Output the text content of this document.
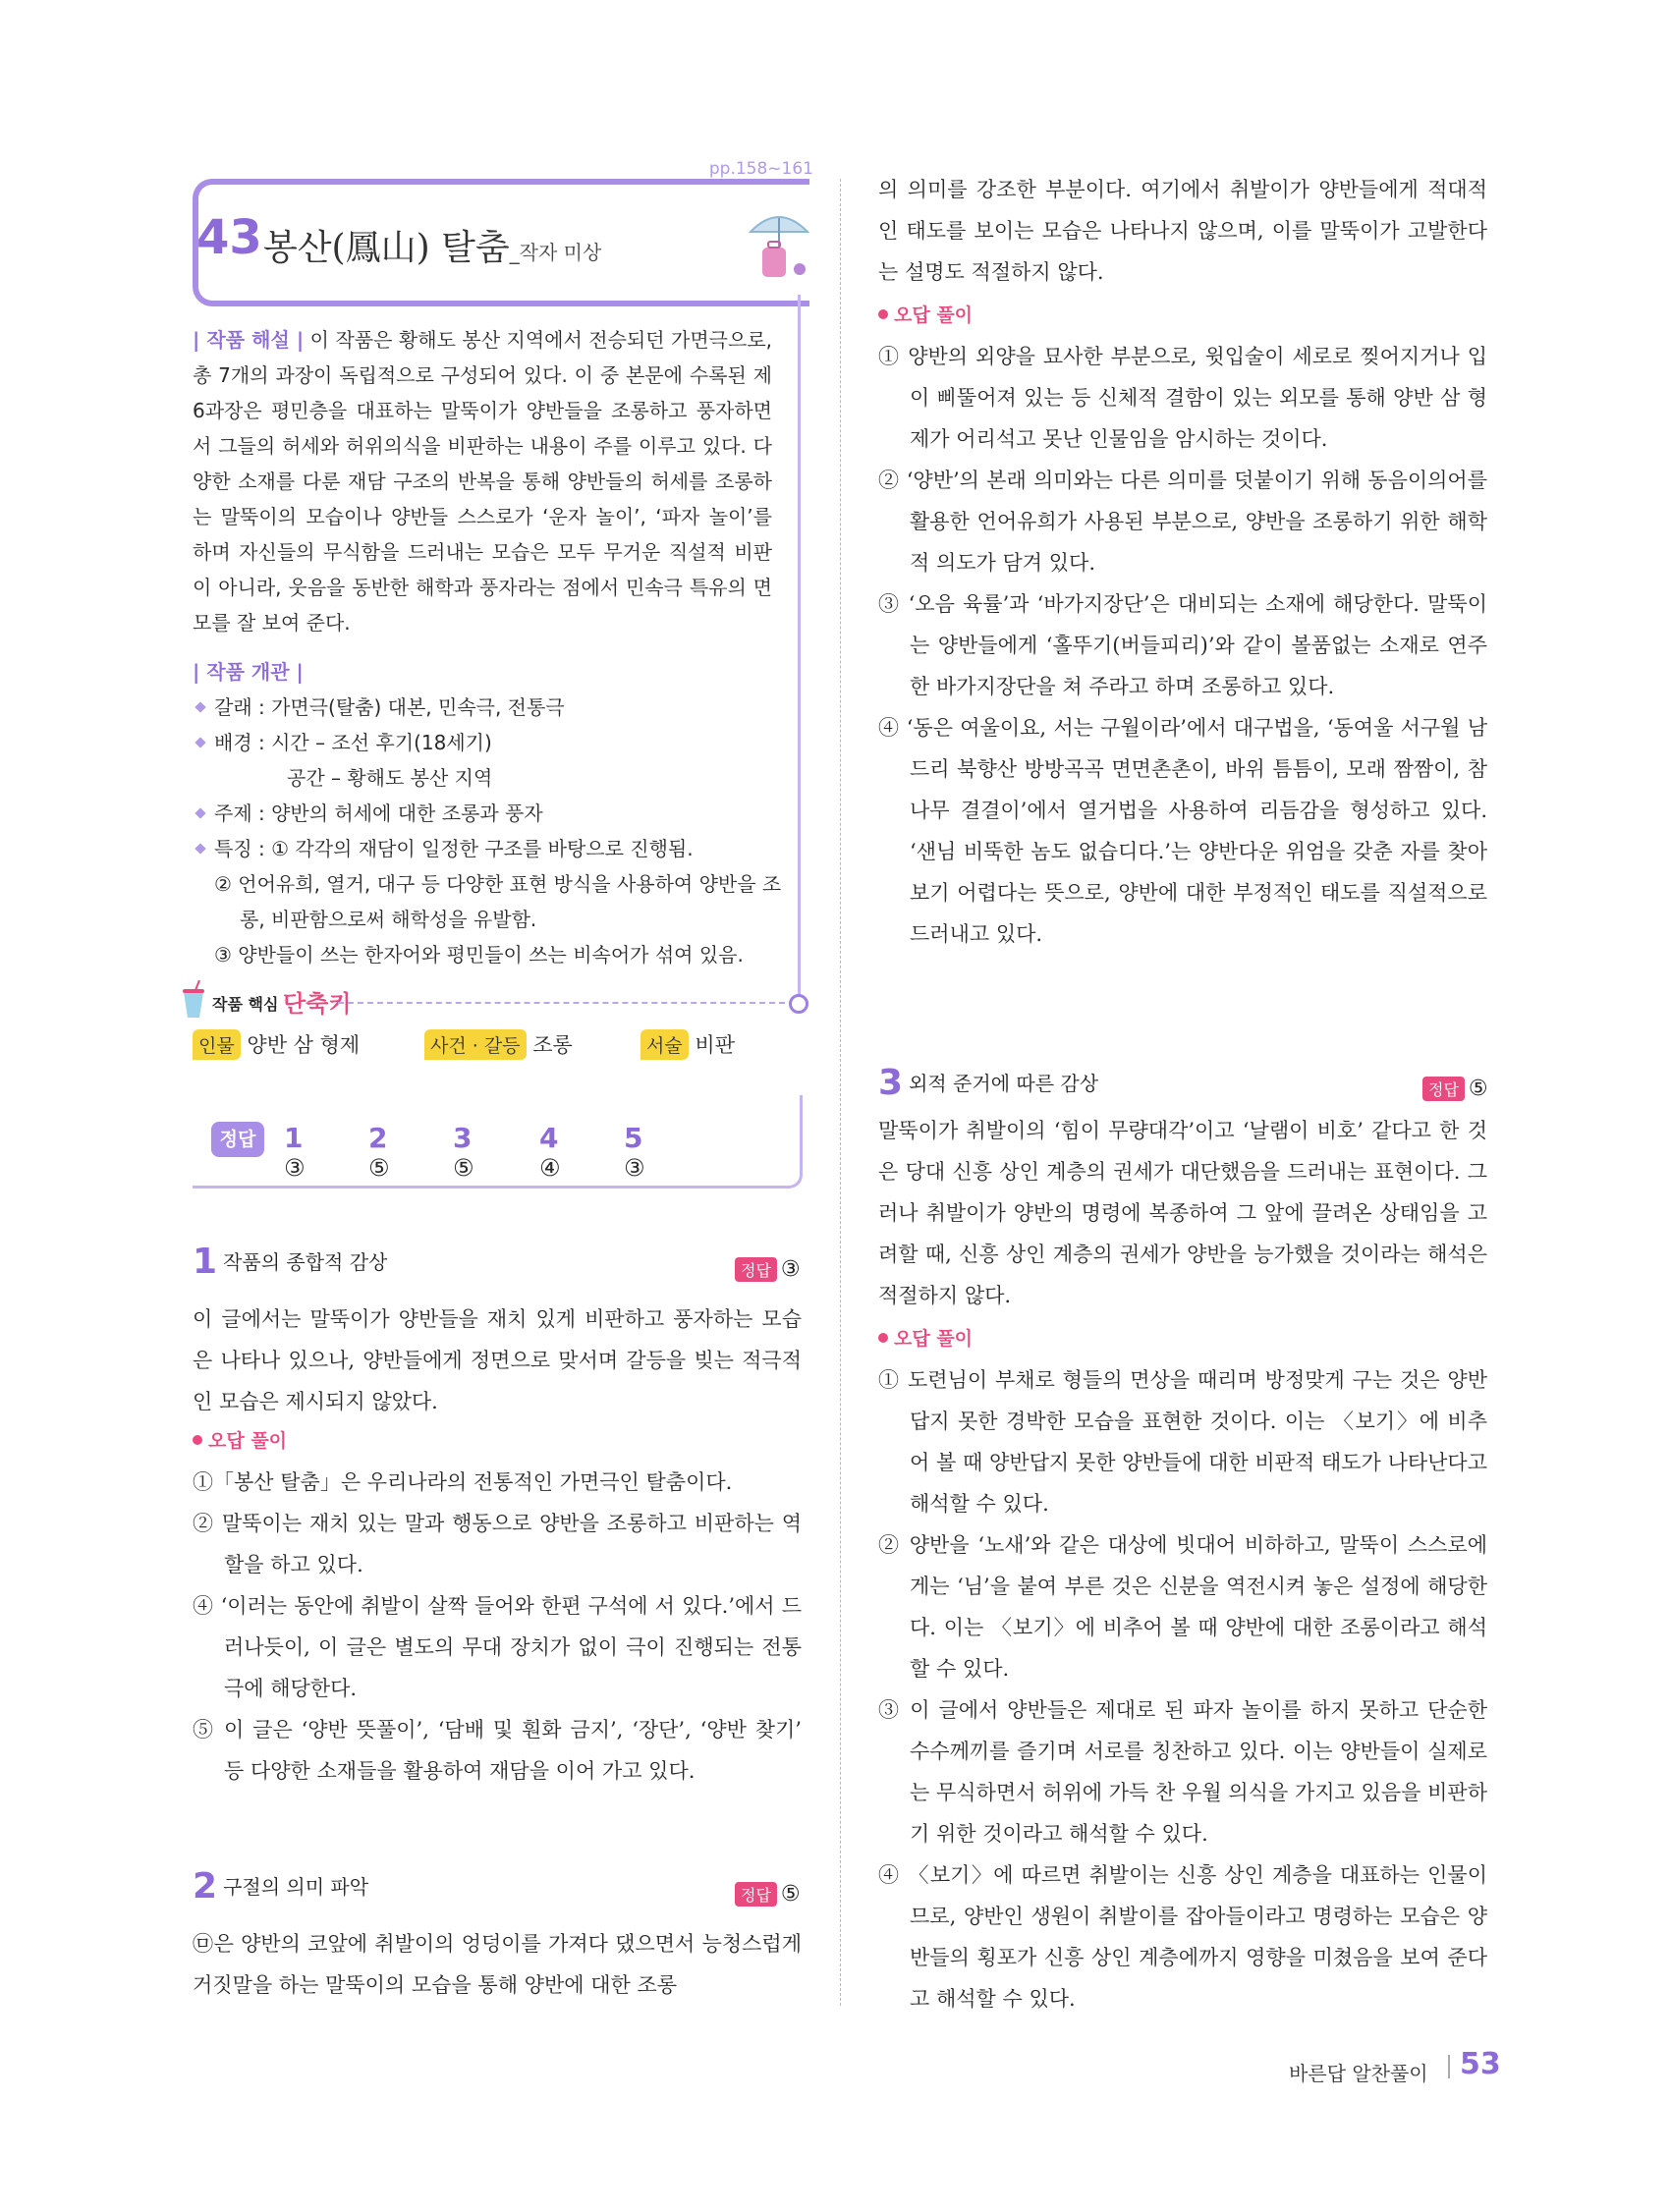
pp.158~161
43 봉산(鳳山) 탈춤_작자 미상

| 작품 해설 | 이 작품은 황해도 봉산 지역에서 전승되던 가면극으로, 총 7개의 과장이 독립적으로 구성되어 있다. 이 중 본문에 수록된 제6과장은 평민층을 대표하는 말뚝이가 양반들을 조롱하고 풍자하면서 그들의 허세와 허위의식을 비판하는 내용이 주를 이루고 있다. 다양한 소재를 다룬 재담 구조의 반복을 통해 양반들의 허세를 조롱하는 말뚝이의 모습이나 양반들 스스로가 ‘운자 놀이’, ‘파자 놀이’를 하며 자신들의 무식함을 드러내는 모습은 모두 무거운 직설적 비판이 아니라, 웃음을 동반한 해학과 풍자라는 점에서 민속극 특유의 면모를 잘 보여 준다.

| 작품 개관 |
갈래 : 가면극(탈춤) 대본, 민속극, 전통극
배경 : 시간 – 조선 후기(18세기)
공간 – 황해도 봉산 지역
주제 : 양반의 허세에 대한 조롱과 풍자
특징 : ① 각각의 재담이 일정한 구조를 바탕으로 진행됨.
② 언어유희, 열거, 대구 등 다양한 표현 방식을 사용하여 양반을 조
롱, 비판함으로써 해학성을 유발함.
③ 양반들이 쓰는 한자어와 평민들이 쓰는 비속어가 섞여 있음.
작품 핵심 단축키
인물 양반 삼 형제	사건 · 갈등 조롱	서술 비판
정답	1 ③
2 ⑤
3 ⑤
4 ④
5 ③
1 작품의 종합적 감상	정답 ③

이 글에서는 말뚝이가 양반들을 재치 있게 비판하고 풍자하는 모습은 나타나 있으나, 양반들에게 정면으로 맞서며 갈등을 빚는 적극적인 모습은 제시되지 않았다.

오답 풀이
①「봉산 탈춤」은 우리나라의 전통적인 가면극인 탈춤이다.
② 말뚝이는 재치 있는 말과 행동으로 양반을 조롱하고 비판하는 역할을 하고 있다.
④ ‘이러는 동안에 취발이 살짝 들어와 한편 구석에 서 있다.’에서 드러나듯이, 이 글은 별도의 무대 장치가 없이 극이 진행되는 전통극에 해당한다.
⑤ 이 글은 ‘양반 뜻풀이’, ‘담배 및 훤화 금지’, ‘장단’, ‘양반 찾기’ 등 다양한 소재들을 활용하여 재담을 이어 가고 있다.
2 구절의 의미 파악	정답 ⑤

㉤은 양반의 코앞에 취발이의 엉덩이를 가져다 댔으면서 능청스럽게 거짓말을 하는 말뚝이의 모습을 통해 양반에 대한 조롱

의 의미를 강조한 부분이다. 여기에서 취발이가 양반들에게 적대적인 태도를 보이는 모습은 나타나지 않으며, 이를 말뚝이가 고발한다는 설명도 적절하지 않다.

오답 풀이
① 양반의 외양을 묘사한 부분으로, 윗입술이 세로로 찢어지거나 입이 삐뚤어져 있는 등 신체적 결함이 있는 외모를 통해 양반 삼 형제가 어리석고 못난 인물임을 암시하는 것이다.
② ‘양반’의 본래 의미와는 다른 의미를 덧붙이기 위해 동음이의어를 활용한 언어유희가 사용된 부분으로, 양반을 조롱하기 위한 해학적 의도가 담겨 있다.
③ ‘오음 육률’과 ‘바가지장단’은 대비되는 소재에 해당한다. 말뚝이는 양반들에게 ‘홀뚜기(버들피리)’와 같이 볼품없는 소재로 연주한 바가지장단을 쳐 주라고 하며 조롱하고 있다.
④ ‘동은 여울이요, 서는 구월이라’에서 대구법을, ‘동여울 서구월 남드리 북향산 방방곡곡 면면촌촌이, 바위 틈틈이, 모래 짬짬이, 참나무 결결이’에서 열거법을 사용하여 리듬감을 형성하고 있다. ‘샌님 비뚝한 놈도 없습디다.’는 양반다운 위엄을 갖춘 자를 찾아보기 어렵다는 뜻으로, 양반에 대한 부정적인 태도를 직설적으로 드러내고 있다.
3 외적 준거에 따른 감상	정답 ⑤

말뚝이가 취발이의 ‘힘이 무량대각’이고 ‘날램이 비호’ 같다고 한 것은 당대 신흥 상인 계층의 권세가 대단했음을 드러내는 표현이다. 그러나 취발이가 양반의 명령에 복종하여 그 앞에 끌려온 상태임을 고려할 때, 신흥 상인 계층의 권세가 양반을 능가했을 것이라는 해석은 적절하지 않다.

오답 풀이
① 도련님이 부채로 형들의 면상을 때리며 방정맞게 구는 것은 양반답지 못한 경박한 모습을 표현한 것이다. 이는 〈보기〉에 비추어 볼 때 양반답지 못한 양반들에 대한 비판적 태도가 나타난다고 해석할 수 있다.
② 양반을 ‘노새’와 같은 대상에 빗대어 비하하고, 말뚝이 스스로에게는 ‘님’을 붙여 부른 것은 신분을 역전시켜 놓은 설정에 해당한다. 이는 〈보기〉에 비추어 볼 때 양반에 대한 조롱이라고 해석할 수 있다.
③ 이 글에서 양반들은 제대로 된 파자 놀이를 하지 못하고 단순한 수수께끼를 즐기며 서로를 칭찬하고 있다. 이는 양반들이 실제로는 무식하면서 허위에 가득 찬 우월 의식을 가지고 있음을 비판하기 위한 것이라고 해석할 수 있다.
④ 〈보기〉에 따르면 취발이는 신흥 상인 계층을 대표하는 인물이므로, 양반인 생원이 취발이를 잡아들이라고 명령하는 모습은 양반들의 횡포가 신흥 상인 계층에까지 영향을 미쳤음을 보여 준다고 해석할 수 있다.
바른답 알찬풀이 53
